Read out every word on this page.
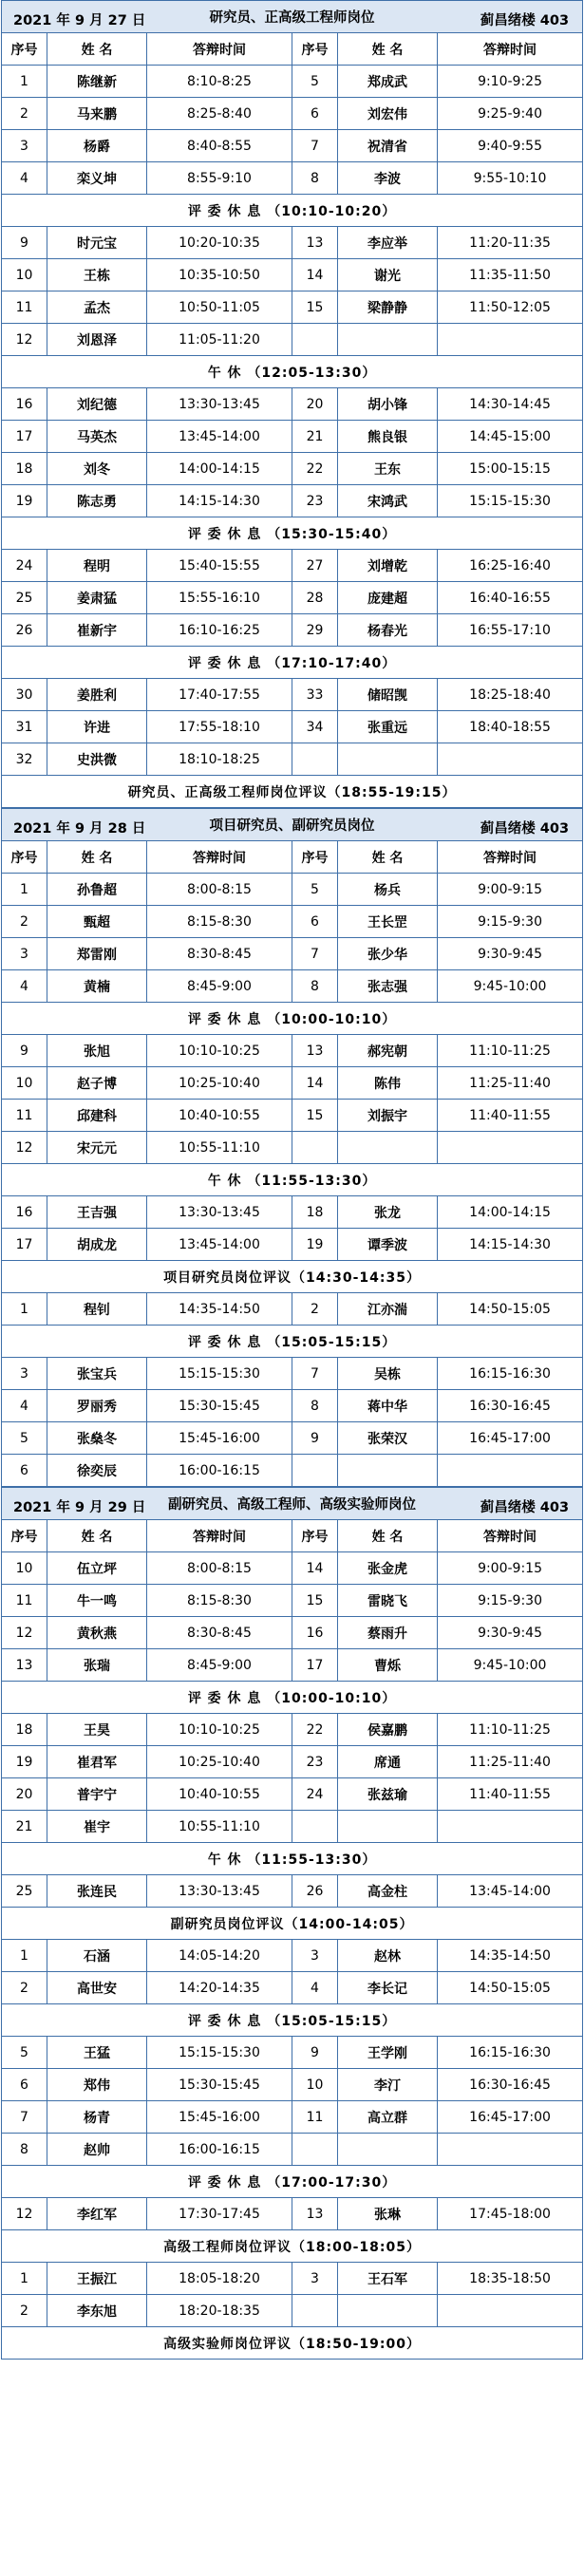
2021 年 9 月 27 日 研究员、正高级工程师岗位 蓟昌绪楼 403					

序号	姓 名	答辩时间	序号	姓 名	答辩时间
1	陈继新	8:10-8:25	5	郑成武	9:10-9:25
2	马来鹏	8:25-8:40	6	刘宏伟	9:25-9:40
3	杨爵	8:40-8:55	7	祝清省	9:40-9:55
4	栾义坤	8:55-9:10	8	李波	9:55-10:10
评 委 休 息 （10:10-10:20）					
9	时元宝	10:20-10:35	13	李应举	11:20-11:35
10	王栋	10:35-10:50	14	谢光	11:35-11:50
11	孟杰	10:50-11:05	15	梁静静	11:50-12:05
12	刘恩泽	11:05-11:20			
午 休 （12:05-13:30）					
16	刘纪德	13:30-13:45	20	胡小锋	14:30-14:45
17	马英杰	13:45-14:00	21	熊良银	14:45-15:00
18	刘冬	14:00-14:15	22	王东	15:00-15:15
19	陈志勇	14:15-14:30	23	宋鸿武	15:15-15:30
评 委 休 息 （15:30-15:40）					
24	程明	15:40-15:55	27	刘增乾	16:25-16:40
25	姜肃猛	15:55-16:10	28	庞建超	16:40-16:55
26	崔新宇	16:10-16:25	29	杨春光	16:55-17:10
评 委 休 息 （17:10-17:40）					
30	姜胜利	17:40-17:55	33	储昭觊	18:25-18:40
31	许进	17:55-18:10	34	张重远	18:40-18:55
32	史洪微	18:10-18:25			
研究员、正高级工程师岗位评议（18:55-19:15）					
2021 年 9 月 28 日 项目研究员、副研究员岗位 蓟昌绪楼 403					

序号	姓 名	答辩时间	序号	姓 名	答辩时间
1	孙鲁超	8:00-8:15	5	杨兵	9:00-9:15
2	甄超	8:15-8:30	6	王长罡	9:15-9:30
3	郑雷刚	8:30-8:45	7	张少华	9:30-9:45
4	黄楠	8:45-9:00	8	张志强	9:45-10:00
评 委 休 息 （10:00-10:10）					
9	张旭	10:10-10:25	13	郝宪朝	11:10-11:25
10	赵子博	10:25-10:40	14	陈伟	11:25-11:40
11	邱建科	10:40-10:55	15	刘振宇	11:40-11:55
12	宋元元	10:55-11:10			
午 休 （11:55-13:30）					
16	王吉强	13:30-13:45	18	张龙	14:00-14:15
17	胡成龙	13:45-14:00	19	谭季波	14:15-14:30
项目研究员岗位评议（14:30-14:35）					
1	程钊	14:35-14:50	2	江亦湍	14:50-15:05
评 委 休 息 （15:05-15:15）					
3	张宝兵	15:15-15:30	7	吴栋	16:15-16:30
4	罗丽秀	15:30-15:45	8	蒋中华	16:30-16:45
5	张燊冬	15:45-16:00	9	张荣汉	16:45-17:00
6	徐奕辰	16:00-16:15			
2021 年 9 月 29 日 副研究员、高级工程师、高级实验师岗位 蓟昌绪楼 403					

序号	姓 名	答辩时间	序号	姓 名	答辩时间
10	伍立坪	8:00-8:15	14	张金虎	9:00-9:15
11	牛一鸣	8:15-8:30	15	雷晓飞	9:15-9:30
12	黄秋燕	8:30-8:45	16	蔡雨升	9:30-9:45
13	张瑞	8:45-9:00	17	曹烁	9:45-10:00
评 委 休 息 （10:00-10:10）					
18	王昊	10:10-10:25	22	侯嘉鹏	11:10-11:25
19	崔君军	10:25-10:40	23	席通	11:25-11:40
20	普宇宁	10:40-10:55	24	张兹瑜	11:40-11:55
21	崔宇	10:55-11:10			
午 休 （11:55-13:30）					
25	张连民	13:30-13:45	26	高金柱	13:45-14:00
副研究员岗位评议（14:00-14:05）					
1	石涵	14:05-14:20	3	赵林	14:35-14:50
2	高世安	14:20-14:35	4	李长记	14:50-15:05
评 委 休 息 （15:05-15:15）					
5	王猛	15:15-15:30	9	王学刚	16:15-16:30
6	郑伟	15:30-15:45	10	李汀	16:30-16:45
7	杨青	15:45-16:00	11	高立群	16:45-17:00
8	赵帅	16:00-16:15			
评 委 休 息 （17:00-17:30）					
12	李红军	17:30-17:45	13	张琳	17:45-18:00
高级工程师岗位评议（18:00-18:05）					
1	王振江	18:05-18:20	3	王石军	18:35-18:50
2	李东旭	18:20-18:35			
高级实验师岗位评议（18:50-19:00）					
